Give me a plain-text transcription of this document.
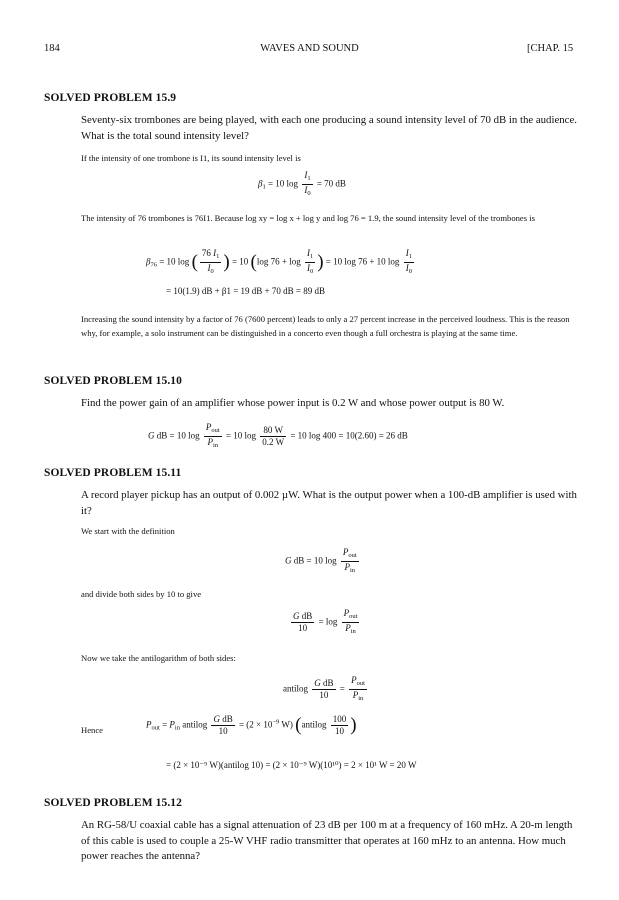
184	WAVES AND SOUND	[CHAP. 15
SOLVED PROBLEM 15.9
Seventy-six trombones are being played, with each one producing a sound intensity level of 70 dB in the audience. What is the total sound intensity level?
If the intensity of one trombone is I1, its sound intensity level is
$\beta_1 = 10$ $\log \frac{I_1}{I_0} = 70$ dB
The intensity of 76 trombones is 76I1. Because log xy = log x + log y and log 76 = 1.9, the sound intensity level of the trombones is
$\beta_{76} = 10$ log ( $\frac{76 I_1}{I_0}$ ) = 10 (log $76 + \log \frac{I_1}{I_0}$ ) = 10 log 76 + 10 $\log \frac{I_1}{I_0}$
= 10(1.9) dB + β1 = 19 dB + 70 dB = 89 dB
Increasing the sound intensity by a factor of 76 (7600 percent) leads to only a 27 percent increase in the perceived loudness. This is the reason why, for example, a solo instrument can be distinguished in a concerto even though a full orchestra is playing at the same time.
SOLVED PROBLEM 15.10
Find the power gain of an amplifier whose power input is 0.2 W and whose power output is 80 W.
G dB = 10 $\log \frac{P_{out}}{P_{in}} = 10$ $\log \frac{80 W}{0.2 W} = 10$ log 400 = 10(2.60) = 26 dB
SOLVED PROBLEM 15.11
A record player pickup has an output of 0.002 µW. What is the output power when a 100-dB amplifier is used with it?
We start with the definition
G dB = 10 $\log \frac{P_{out}}{P_{in}}$
and divide both sides by 10 to give
$\frac{\text{G dB}}{10} = \log \frac{P_{out}}{P_{in}}$
Now we take the antilogarithm of both sides:
antilog $\frac{\text{G dB}}{10} = \frac{P_{out}}{P_{in}}$
Hence
$P_{out} = P_{in}$ antilog $\frac{\text{G dB}}{10} = (2 \times 10^{-9}$ W) (antilog $\frac{100}{10}$ )
= (2 × 10⁻⁹ W)(antilog 10) = (2 × 10⁻⁹ W)(10¹⁰) = 2 × 10¹ W = 20 W
SOLVED PROBLEM 15.12
An RG-58/U coaxial cable has a signal attenuation of 23 dB per 100 m at a frequency of 160 mHz. A 20-m length of this cable is used to couple a 25-W VHF radio transmitter that operates at 160 mHz to an antenna. How much power reaches the antenna?
